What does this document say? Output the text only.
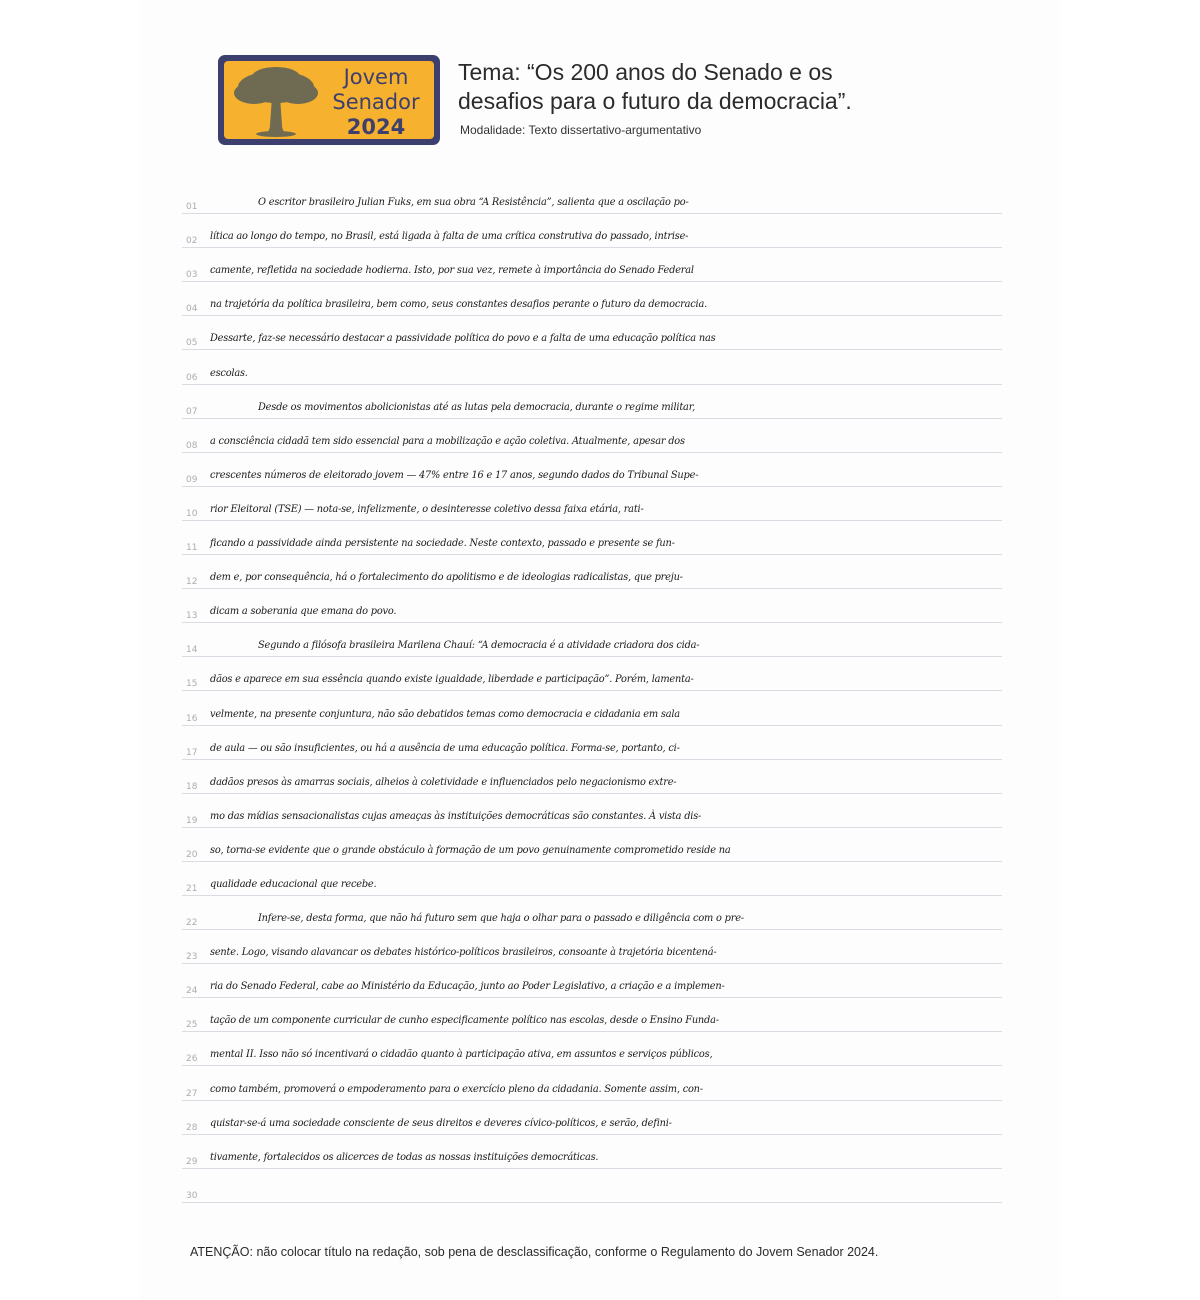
Jovem
Senador
2024
Tema: “Os 200 anos do Senado e os
desafios para o futuro da democracia”.
Modalidade: Texto dissertativo-argumentativo
01	O escritor brasileiro Julian Fuks, em sua obra “A Resistência”, salienta que a oscilação po-
02 lítica ao longo do tempo, no Brasil, está ligada à falta de uma crítica construtiva do passado, intrise-
03 camente, refletida na sociedade hodierna. Isto, por sua vez, remete à importância do Senado Federal
04 na trajetória da política brasileira, bem como, seus constantes desafios perante o futuro da democracia.
05 Dessarte, faz-se necessário destacar a passividade política do povo e a falta de uma educação política nas
06 escolas.
07	Desde os movimentos abolicionistas até as lutas pela democracia, durante o regime militar,
08 a consciência cidadã tem sido essencial para a mobilização e ação coletiva. Atualmente, apesar dos
09 crescentes números de eleitorado jovem — 47% entre 16 e 17 anos, segundo dados do Tribunal Supe-
10 rior Eleitoral (TSE) — nota-se, infelizmente, o desinteresse coletivo dessa faixa etária, rati-
11 ficando a passividade ainda persistente na sociedade. Neste contexto, passado e presente se fun-
12 dem e, por consequência, há o fortalecimento do apolitismo e de ideologias radicalistas, que preju-
13 dicam a soberania que emana do povo.
14	Segundo a filósofa brasileira Marilena Chauí: “A democracia é a atividade criadora dos cida-
15 dãos e aparece em sua essência quando existe igualdade, liberdade e participação”. Porém, lamenta-
16 velmente, na presente conjuntura, não são debatidos temas como democracia e cidadania em sala
17 de aula — ou são insuficientes, ou há a ausência de uma educação política. Forma-se, portanto, ci-
18 dadãos presos às amarras sociais, alheios à coletividade e influenciados pelo negacionismo extre-
19 mo das mídias sensacionalistas cujas ameaças às instituições democráticas são constantes. À vista dis-
20 so, torna-se evidente que o grande obstáculo à formação de um povo genuinamente comprometido reside na
21 qualidade educacional que recebe.
22	Infere-se, desta forma, que não há futuro sem que haja o olhar para o passado e diligência com o pre-
23 sente. Logo, visando alavancar os debates histórico-políticos brasileiros, consoante à trajetória bicentená-
24 ria do Senado Federal, cabe ao Ministério da Educação, junto ao Poder Legislativo, a criação e a implemen-
25 tação de um componente curricular de cunho especificamente político nas escolas, desde o Ensino Funda-
26 mental II. Isso não só incentivará o cidadão quanto à participação ativa, em assuntos e serviços públicos,
27 como também, promoverá o empoderamento para o exercício pleno da cidadania. Somente assim, con-
28 quistar-se-á uma sociedade consciente de seus direitos e deveres cívico-políticos, e serão, defini-
29 tivamente, fortalecidos os alicerces de todas as nossas instituições democráticas.
30
ATENÇÃO: não colocar título na redação, sob pena de desclassificação, conforme o Regulamento do Jovem Senador 2024.
